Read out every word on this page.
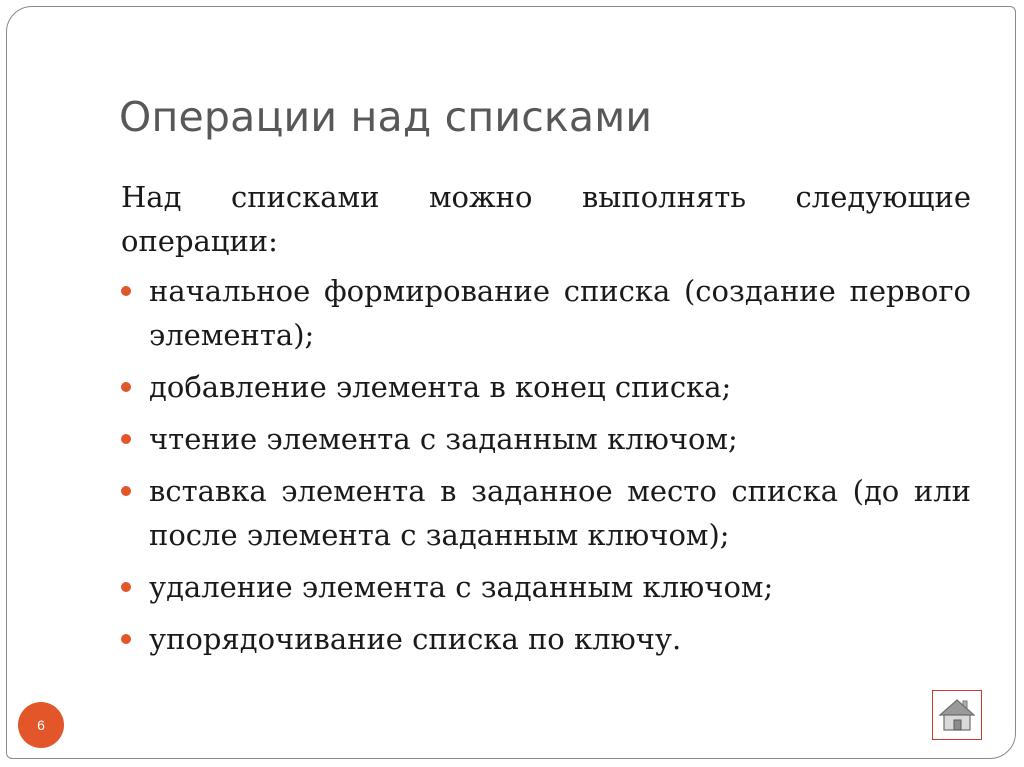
Операции над списками

Над списками можно выполнять следующие операции:

начальное формирование списка (создание первого элемента);
добавление элемента в конец списка;
чтение элемента с заданным ключом;
вставка элемента в заданное место списка (до или после элемента с заданным ключом);
удаление элемента с заданным ключом;
упорядочивание списка по ключу.
6
